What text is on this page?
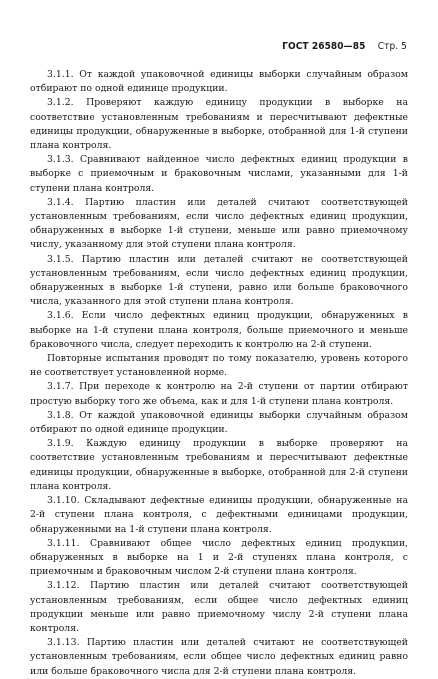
ГОСТ 26580—85 Стр. 5

3.1.1. От каждой упаковочной единицы выборки случайным образом отбирают по одной единице продукции.

3.1.2. Проверяют каждую единицу продукции в выборке на соответствие установленным требованиям и пересчитывают дефектные единицы продукции, обнаруженные в выборке, отобранной для 1-й ступени плана контроля.

3.1.3. Сравнивают найденное число дефектных единиц продукции в выборке с приемочным и браковочным числами, указанными для 1-й ступени плана контроля.

3.1.4. Партию пластин или деталей считают соответствующей установленным требованиям, если число дефектных единиц продукции, обнаруженных в выборке 1-й ступени, меньше или равно приемочному числу, указанному для этой ступени плана контроля.

3.1.5. Партию пластин или деталей считают не соответствующей установленным требованиям, если число дефектных единиц продукции, обнаруженных в выборке 1-й ступени, равно или больше браковочного числа, указанного для этой ступени плана контроля.

3.1.6. Если число дефектных единиц продукции, обнаруженных в выборке на 1-й ступени плана контроля, больше приемочного и меньше браковочного числа, следует переходить к контролю на 2-й ступени.

Повторные испытания проводят по тому показателю, уровень которого не соответствует установленной норме.

3.1.7. При переходе к контролю на 2-й ступени от партии отбирают простую выборку того же объема, как и для 1-й ступени плана контроля.

3.1.8. От каждой упаковочной единицы выборки случайным образом отбирают по одной единице продукции.

3.1.9. Каждую единицу продукции в выборке проверяют на соответствие установленным требованиям и пересчитывают дефектные единицы продукции, обнаруженные в выборке, отобранной для 2-й ступени плана контроля.

3.1.10. Складывают дефектные единицы продукции, обнаруженные на 2-й ступени плана контроля, с дефектными единицами продукции, обнаруженными на 1-й ступени плана контроля.

3.1.11. Сравнивают общее число дефектных единиц продукции, обнаруженных в выборке на 1 и 2-й ступенях плана контроля, с приемочным и браковочным числом 2-й ступени плана контроля.

3.1.12. Партию пластин или деталей считают соответствующей установленным требованиям, если общее число дефектных единиц продукции меньше или равно приемочному числу 2-й ступени плана контроля.

3.1.13. Партию пластин или деталей считают не соответствующей установленным требованиям, если общее число дефектных единиц равно или больше браковочного числа для 2-й ступени плана контроля.
